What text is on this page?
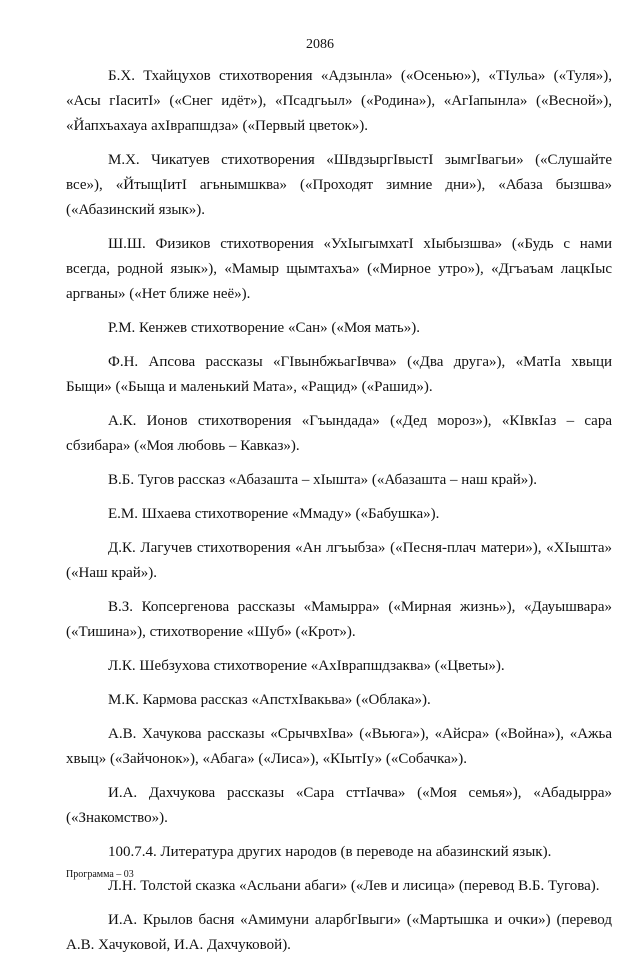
2086

Б.Х. Тхайцухов стихотворения «Адзынла» («Осенью»), «ТІульа» («Туля»), «Асы гІаситІ» («Снег идёт»), «Псадгьыл» («Родина»), «АгІапынла» («Весной»), «Йапхъахауа ахІврапшдза» («Первый цветок»).

М.Х. Чикатуев стихотворения «ШвдзыргІвыстІ зымгІвагьи» («Слушайте все»), «ЙтыщІитІ агьнымшква» («Проходят зимние дни»), «Абаза бызшва» («Абазинский язык»).

Ш.Ш. Физиков стихотворения «УхІыгымхатІ хІыбызшва» («Будь с нами всегда, родной язык»), «Мамыр щымтахъа» («Мирное утро»), «Дгъаъам лацкІыс аргваны» («Нет ближе неё»).

Р.М. Кенжев стихотворение «Сан» («Моя мать»).

Ф.Н. Апсова рассказы «ГІвынбжьагІвчва» («Два друга»), «МатІа хвыци Быщи» («Быща и маленький Мата», «Ращид» («Рашид»).

А.К. Ионов стихотворения «Гъындада» («Дед мороз»), «КІвкІаз – сара сбзибара» («Моя любовь – Кавказ»).

В.Б. Тугов рассказ «Абазашта – хІышта» («Абазашта – наш край»).

Е.М. Шхаева стихотворение «Ммаду» («Бабушка»).

Д.К. Лагучев стихотворения «Ан лгъыбза» («Песня-плач матери»), «ХІышта» («Наш край»).

В.З. Копсергенова рассказы «Мамырра» («Мирная жизнь»), «Дауышвара» («Тишина»), стихотворение «Шуб» («Крот»).

Л.К. Шебзухова стихотворение «АхІврапшдзаква» («Цветы»).

М.К. Кармова рассказ «АпстхІвакьва» («Облака»).

А.В. Хачукова рассказы «СрычвхІва» («Вьюга»), «Айсра» («Война»), «Ажьа хвыц» («Зайчонок»), «Абага» («Лиса»), «КІытІу» («Собачка»).

И.А. Дахчукова рассказы «Сара сттІачва» («Моя семья»), «Абадырра» («Знакомство»).

100.7.4. Литература других народов (в переводе на абазинский язык).

Л.Н. Толстой сказка «Асльани абаги» («Лев и лисица» (перевод В.Б. Тугова).

И.А. Крылов басня «Амимуни аларбгІвыги» («Мартышка и очки») (перевод А.В. Хачуковой, И.А. Дахчуковой).

Программа – 03
